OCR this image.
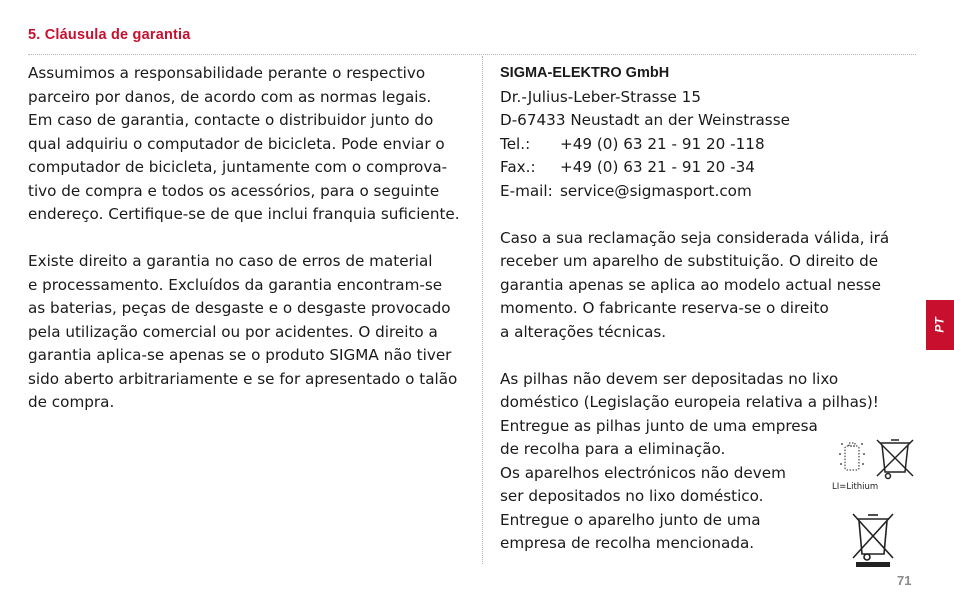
5. Cláusula de garantia

Assumimos a responsabilidade perante o respectivo
parceiro por danos, de acordo com as normas legais.
Em caso de garantia, contacte o distribuidor junto do
qual adquiriu o computador de bicicleta. Pode enviar o
computador de bicicleta, juntamente com o comprova-
tivo de compra e todos os acessórios, para o seguinte
endereço. Certifique-se de que inclui franquia suficiente.

Existe direito a garantia no caso de erros de material
e processamento. Excluídos da garantia encontram-se
as baterias, peças de desgaste e o desgaste provocado
pela utilização comercial ou por acidentes. O direito a
garantia aplica-se apenas se o produto SIGMA não tiver
sido aberto arbitrariamente e se for apresentado o talão
de compra.

SIGMA-ELEKTRO GmbH
Dr.-Julius-Leber-Strasse 15
D-67433 Neustadt an der Weinstrasse
Tel.:	+49 (0) 63 21 - 91 20 -118
Fax.:	+49 (0) 63 21 - 91 20 -34
E-mail: service@sigmasport.com

Caso a sua reclamação seja considerada válida, irá
receber um aparelho de substituição. O direito de
garantia apenas se aplica ao modelo actual nesse
momento. O fabricante reserva-se o direito
a alterações técnicas.

As pilhas não devem ser depositadas no lixo
doméstico (Legislação europeia relativa a pilhas)!
Entregue as pilhas junto de uma empresa
de recolha para a eliminação.
Os aparelhos electrónicos não devem
ser depositados no lixo doméstico.
Entregue o aparelho junto de uma
empresa de recolha mencionada.

LI=Lithium
PT
71
